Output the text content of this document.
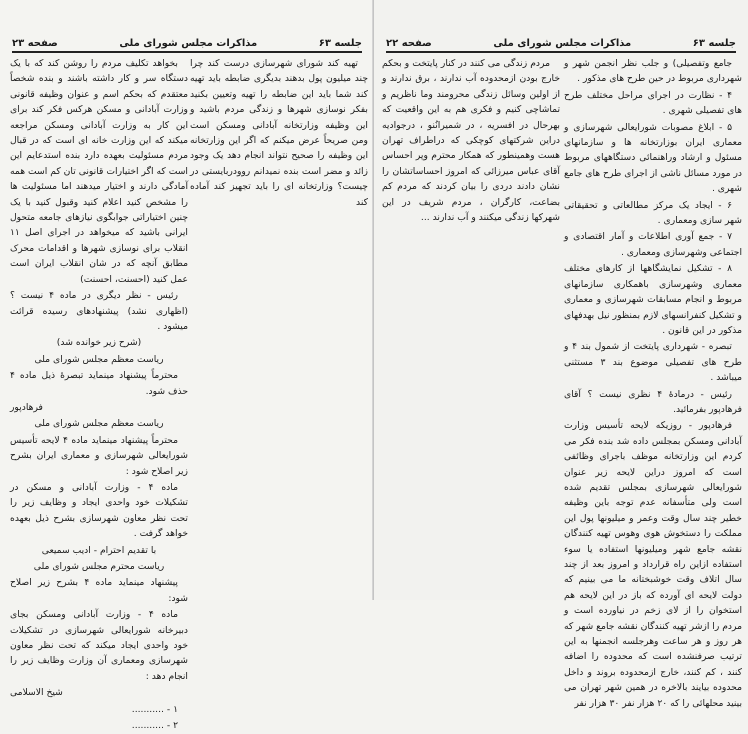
جلسه ۶۳
مذاکرات مجلس شورای ملی
صفحه ۲۳

تهیه کند شورای شهرسازی درست کند چرا چند میلیون پول بدهند بدیگری ضابطه باید تهیه کند شما باید این ضابطه را تهیه وتعیین بکنید بفکر نوسازی شهرها و زندگی مردم باشید و این وظیفه وزارتخانه آبادانی ومسکن است ومن صریحاً عرض میکنم که اگر این وزارتخانه این وظیفه را صحیح نتواند انجام دهد یک وجود زائد و مضر است بنده نمیدانم روودربایستی در چیست؟ وزارتخانه ای را باید تجهیز کند آماده کند

بخواهد تکلیف مردم را روشن کند که با یک دستگاه سر و کار داشته باشند و بنده شخصاً معتقدم که بحکم اسم و عنوان وظیفه قانونی وزارت آبادانی و مسکن هرکس فکر کند برای این کار به وزارت آبادانی ومسکن مراجعه میکند که این وزارت خانه ای است که در قبال مردم مسئولیت بعهده دارد بنده استدعایم این است که اگر اختیارات قانونی تان کم است همه آمادگی دارند و اختیار میدهند اما مسئولیت ها را مشخص کنید اعلام کنید وقبول کنید با یک چنین اختیاراتی جوابگوی نیازهای جامعه متحول ایرانی باشید که میخواهد در اجرای اصل ۱۱ انقلاب برای نوسازی شهرها و اقدامات محرک مطابق آنچه که در شان انقلاب ایران است عمل کنید (احسنت، احسنت)

رئیس - نظر دیگری در ماده ۴ نیست ؟ (اظهاری نشد) پیشنهادهای رسیده قرائت میشود .

(شرح زیر خوانده شد)

ریاست معظم مجلس شورای ملی

محترماً پیشنهاد مینماید تبصرهٔ ذیل ماده ۴ حذف شود.

فرهادپور

ریاست معظم مجلس شورای ملی

محترماً پیشنهاد مینماید ماده ۴ لایحه تأسیس شورایعالی شهرسازی و معماری ایران بشرح زیر اصلاح شود :

ماده ۴ - وزارت آبادانی و مسکن در تشکیلات خود واحدی ایجاد و وظایف زیر را تحت نظر معاون شهرسازی بشرح ذیل بعهده خواهد گرفت .

با تقدیم احترام - ادیب سمیعی

ریاست محترم مجلس شورای ملی

پیشنهاد مینماید ماده ۴ بشرح زیر اصلاح شود:

ماده ۴ - وزارت آبادانی ومسکن بجای دبیرخانه شورایعالی شهرسازی در تشکیلات خود واحدی ایجاد میکند که تحت نظر معاون شهرسازی ومعماری آن وزارت وظایف زیر را انجام دهد :

شیخ الاسلامی

۱ - ...........

۲ - ...........

جلسه ۶۳
مذاکرات مجلس شورای ملی
صفحه ۲۲

جامع وتفصیلی) و جلب نظر انجمن شهر و شهرداری مربوط در حین طرح های مذکور .

۴ - نظارت در اجرای مراحل مختلف طرح های تفصیلی شهری .

۵ - ابلاغ مصوبات شورایعالی شهرسازی و معماری ایران بوزارتخانه ها و سازمانهای مسئول و ارشاد وراهنمائی دستگاههای مربوط در مورد مسائل ناشی از اجرای طرح های جامع شهری .

۶ - ایجاد یک مرکز مطالعاتی و تحقیقاتی شهر سازی ومعماری .

۷ - جمع آوری اطلاعات و آمار اقتصادی و اجتماعی وشهرسازی ومعماری .

۸ - تشکیل نمایشگاهها از کارهای مختلف معماری وشهرسازی باهمکاری سازمانهای مربوط و انجام مسابقات شهرسازی و معماری و تشکیل کنفرانسهای لازم بمنظور نیل بهدفهای مذکور در این قانون .

تبصره - شهرداری پایتخت از شمول بند ۴ و طرح های تفصیلی موضوع بند ۳ مستثنی میباشد .

رئیس - درمادهٔ ۴ نظری نیست ؟ آقای فرهادپور بفرمائید.

فرهادپور - روزیکه لایحه تأسیس وزارت آبادانی ومسکن بمجلس داده شد بنده فکر می کردم این وزارتخانه موظف باجرای وظائفی است که امروز دراین لایحه زیر عنوان شورایعالی شهرسازی بمجلس تقدیم شده است ولی متأسفانه عدم توجه باین وظیفه خطیر چند سال وقت وعمر و میلیونها پول این مملکت را دستخوش هوی وهوس تهیه کنندگان نقشه جامع شهر ومیلیونها استفاده یا سوء استفاده ازاین راه قرارداد و امروز بعد از چند سال اتلاف وقت خوشبختانه ما می بینیم که دولت لایحه ای آورده که باز در این لایحه هم استخوان را از لای زخم در نیاورده است و مردم را ازشر تهیه کنندگان نقشه جامع شهر که هر روز و هر ساعت وهرجلسه انجمنها به این ترتیب صرفنشده است که محدوده را اضافه کنند ، کم کنند، خارج ازمحدوده بروند و داخل محدوده بیایند بالاخره در همین شهر تهران می بینید محلهائی را که ۲۰ هزار نفر ۳۰ هزار نفر

مردم زندگی می کنند در کنار پایتخت و بحکم خارج بودن ازمحدوده آب ندارند ، برق ندارند و از اولین وسائل زندگی محرومند وما ناظریم و تماشاچی کنیم و فکری هم به این واقعیت که بهرحال در افسریه ، در شمیرانُنو ، درجوادیه دراین شرکتهای کوچکی که دراطراف تهران هست وهمینطور که همکار محترم وپر احساس آقای عباس میرزائی که امروز احساساتشان را نشان دادند دردی را بیان کردند که مردم کم بضاعت، کارگران ، مردم شریف در این شهرکها زندگی میکنند و آب ندارند ...
